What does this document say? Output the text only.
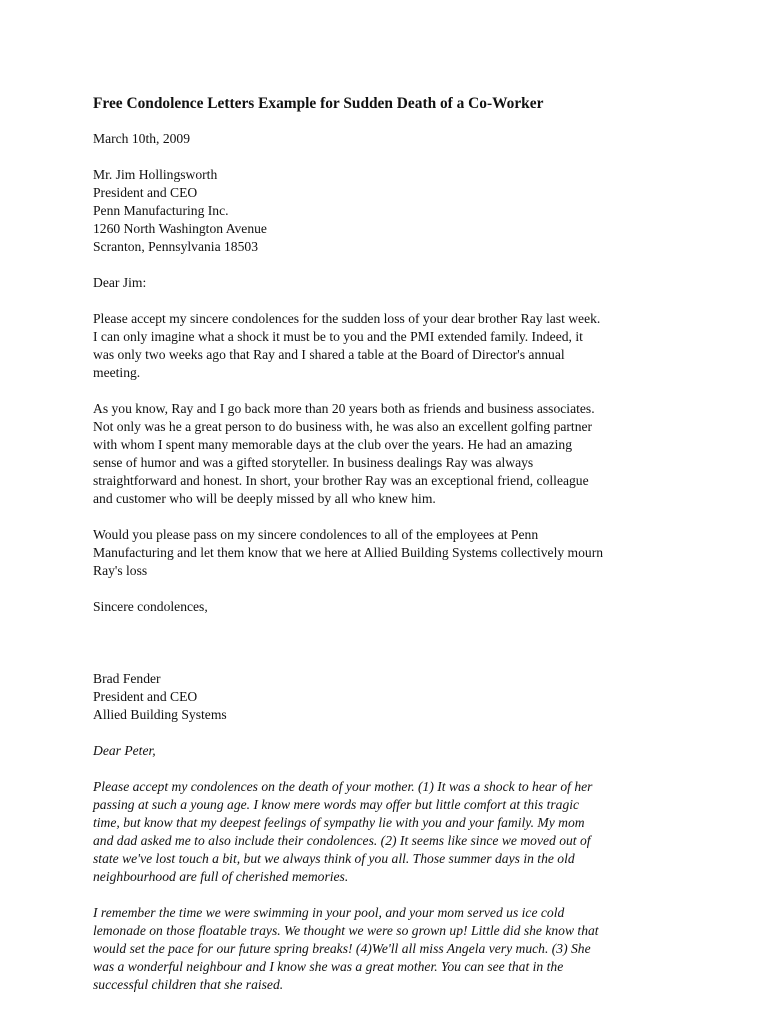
Free Condolence Letters Example for Sudden Death of a Co-Worker
March 10th, 2009
Mr. Jim Hollingsworth
President and CEO
Penn Manufacturing Inc.
1260 North Washington Avenue
Scranton, Pennsylvania 18503
Dear Jim:
Please accept my sincere condolences for the sudden loss of your dear brother Ray last week.
I can only imagine what a shock it must be to you and the PMI extended family. Indeed, it
was only two weeks ago that Ray and I shared a table at the Board of Director's annual
meeting.
As you know, Ray and I go back more than 20 years both as friends and business associates.
Not only was he a great person to do business with, he was also an excellent golfing partner
with whom I spent many memorable days at the club over the years. He had an amazing
sense of humor and was a gifted storyteller. In business dealings Ray was always
straightforward and honest. In short, your brother Ray was an exceptional friend, colleague
and customer who will be deeply missed by all who knew him.
Would you please pass on my sincere condolences to all of the employees at Penn
Manufacturing and let them know that we here at Allied Building Systems collectively mourn
Ray's loss
Sincere condolences,
Brad Fender
President and CEO
Allied Building Systems
Dear Peter,
Please accept my condolences on the death of your mother. (1) It was a shock to hear of her
passing at such a young age. I know mere words may offer but little comfort at this tragic
time, but know that my deepest feelings of sympathy lie with you and your family. My mom
and dad asked me to also include their condolences. (2) It seems like since we moved out of
state we've lost touch a bit, but we always think of you all. Those summer days in the old
neighbourhood are full of cherished memories.
I remember the time we were swimming in your pool, and your mom served us ice cold
lemonade on those floatable trays. We thought we were so grown up! Little did she know that
would set the pace for our future spring breaks! (4)We'll all miss Angela very much. (3) She
was a wonderful neighbour and I know she was a great mother. You can see that in the
successful children that she raised.
